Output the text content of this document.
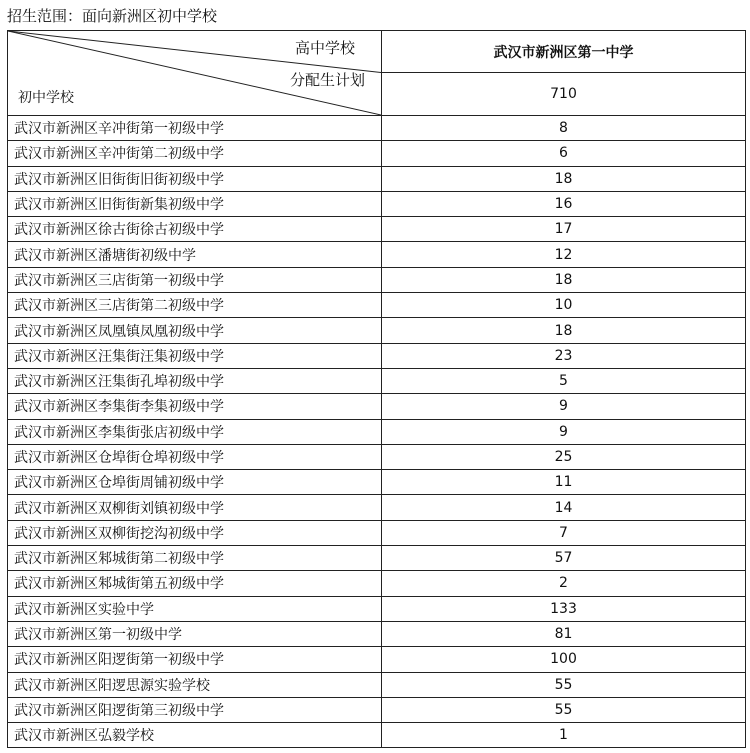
招生范围：面向新洲区初中学校
高中学校
分配生计划
初中学校	武汉市新洲区第一中学
	710
武汉市新洲区辛冲街第一初级中学	8
武汉市新洲区辛冲街第二初级中学	6
武汉市新洲区旧街街旧街初级中学	18
武汉市新洲区旧街街新集初级中学	16
武汉市新洲区徐古街徐古初级中学	17
武汉市新洲区潘塘街初级中学	12
武汉市新洲区三店街第一初级中学	18
武汉市新洲区三店街第二初级中学	10
武汉市新洲区凤凰镇凤凰初级中学	18
武汉市新洲区汪集街汪集初级中学	23
武汉市新洲区汪集街孔埠初级中学	5
武汉市新洲区李集街李集初级中学	9
武汉市新洲区李集街张店初级中学	9
武汉市新洲区仓埠街仓埠初级中学	25
武汉市新洲区仓埠街周铺初级中学	11
武汉市新洲区双柳街刘镇初级中学	14
武汉市新洲区双柳街挖沟初级中学	7
武汉市新洲区邾城街第二初级中学	57
武汉市新洲区邾城街第五初级中学	2
武汉市新洲区实验中学	133
武汉市新洲区第一初级中学	81
武汉市新洲区阳逻街第一初级中学	100
武汉市新洲区阳逻思源实验学校	55
武汉市新洲区阳逻街第三初级中学	55
武汉市新洲区弘毅学校	1
